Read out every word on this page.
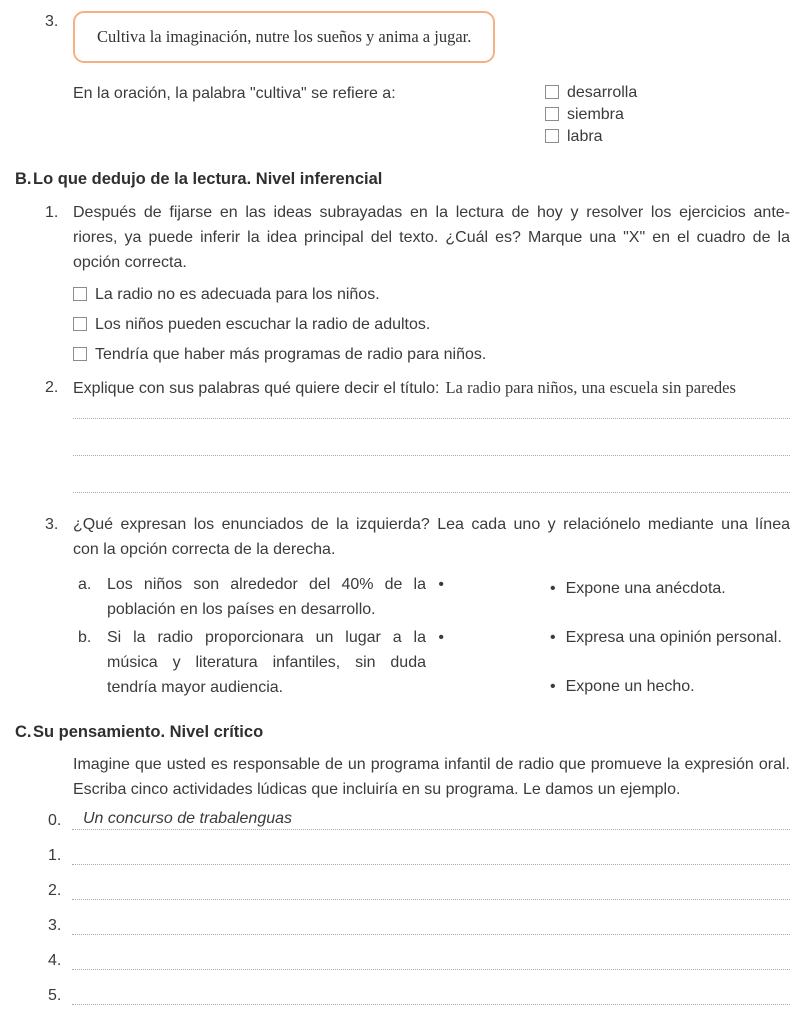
3.
Cultiva la imaginación, nutre los sueños y anima a jugar.
En la oración, la palabra "cultiva" se refiere a:	desarrolla
siembra
labra
B. Lo que dedujo de la lectura. Nivel inferencial
1. Después de fijarse en las ideas subrayadas en la lectura de hoy y resolver los ejercicios ante-
riores, ya puede inferir la idea principal del texto. ¿Cuál es? Marque una "X" en el cuadro de la
opción correcta.
La radio no es adecuada para los niños.
Los niños pueden escuchar la radio de adultos.
Tendría que haber más programas de radio para niños.
2. Explique con sus palabras qué quiere decir el título: La radio para niños, una escuela sin paredes
3. ¿Qué expresan los enunciados de la izquierda? Lea cada uno y relaciónelo mediante una línea
con la opción correcta de la derecha.
a. Los niños son alrededor del 40% de la
población en los países en desarrollo.
•
b. Si la radio proporcionara un lugar a la
música y literatura infantiles, sin duda
tendría mayor audiencia.
•
• Expone una anécdota.
• Expresa una opinión personal.
• Expone un hecho.
C. Su pensamiento. Nivel crítico
Imagine que usted es responsable de un programa infantil de radio que promueve la expresión oral.
Escriba cinco actividades lúdicas que incluiría en su programa. Le damos un ejemplo.
0.	Un concurso de trabalenguas
1.
2.
3.
4.
5.
